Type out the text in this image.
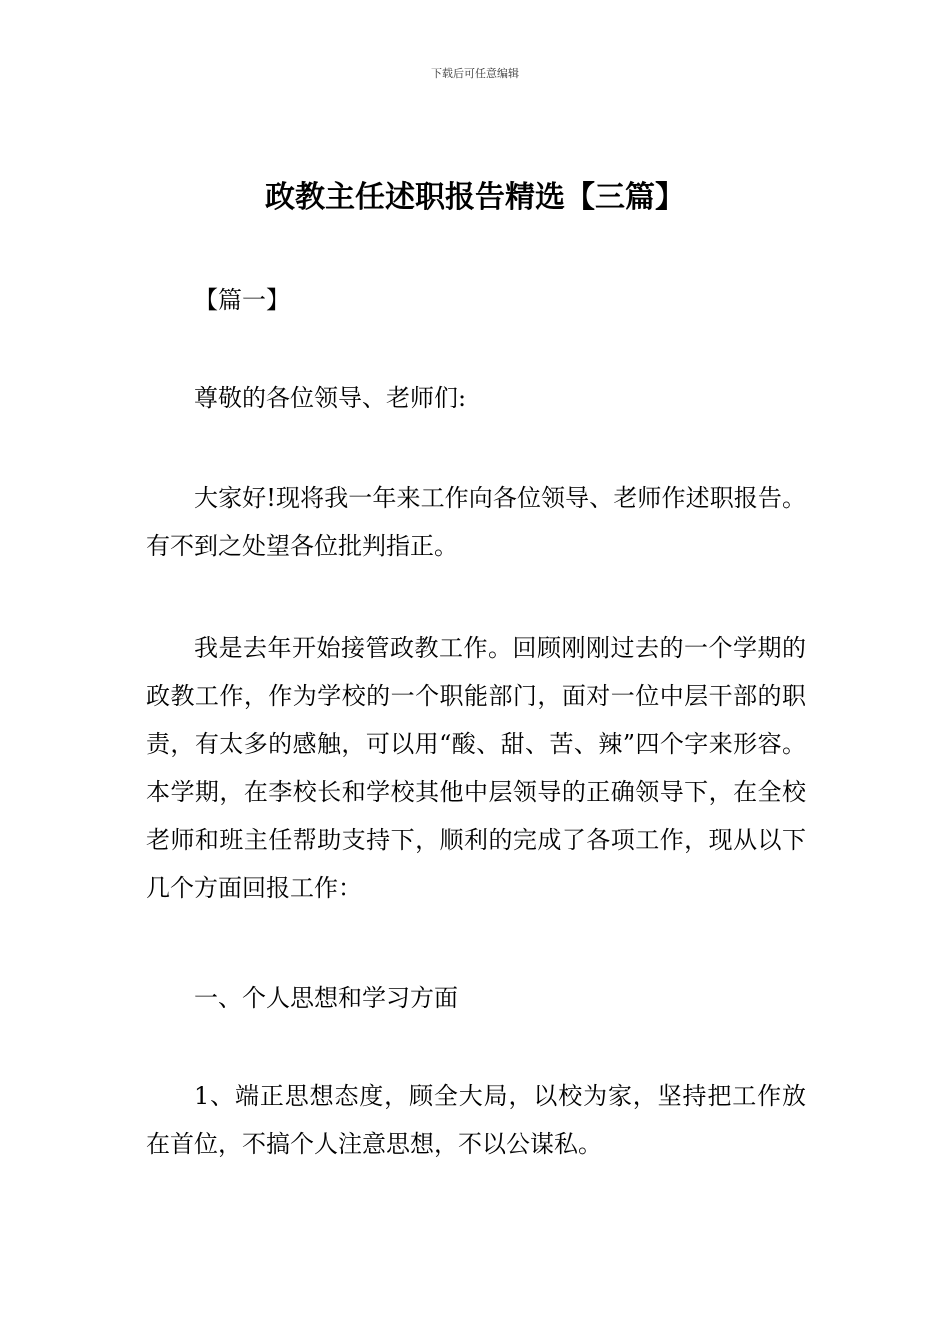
下载后可任意编辑
政教主任述职报告精选【三篇】

【篇一】

尊敬的各位领导、老师们:

大家好!现将我一年来工作向各位领导、老师作述职报告。有不到之处望各位批判指正。

我是去年开始接管政教工作。回顾刚刚过去的一个学期的政教工作，作为学校的一个职能部门，面对一位中层干部的职责，有太多的感触，可以用“酸、甜、苦、辣”四个字来形容。本学期，在李校长和学校其他中层领导的正确领导下，在全校老师和班主任帮助支持下，顺利的完成了各项工作，现从以下几个方面回报工作：

一、个人思想和学习方面

1、端正思想态度，顾全大局，以校为家，坚持把工作放在首位，不搞个人注意思想，不以公谋私。
